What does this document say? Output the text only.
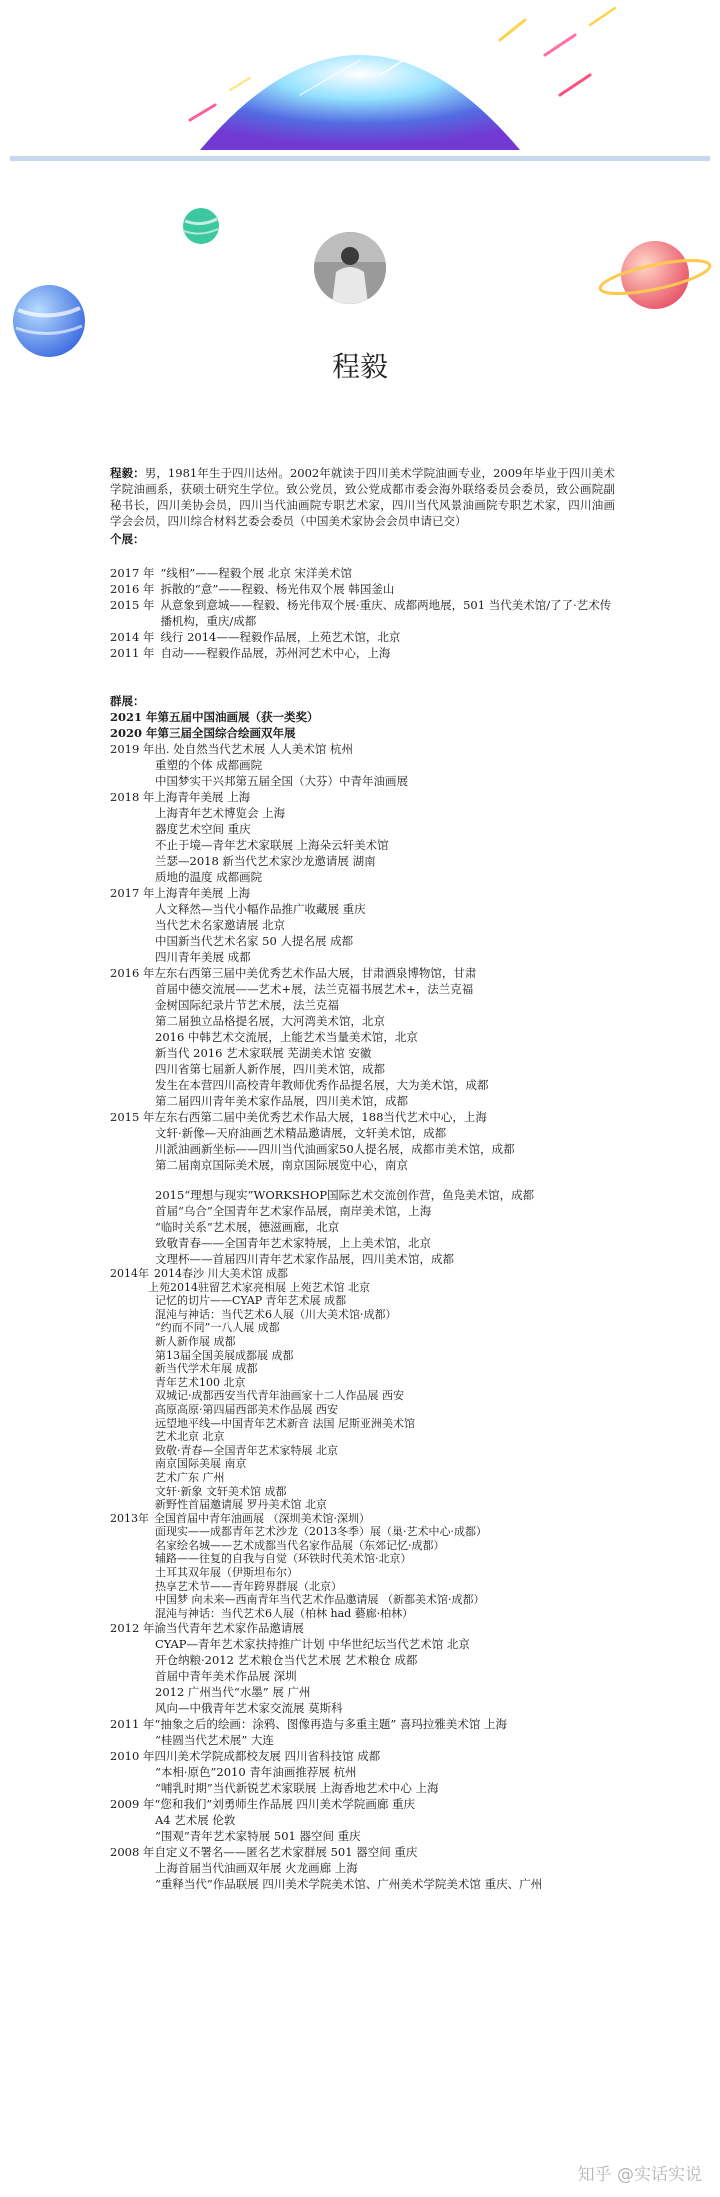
程毅

程毅：男，1981年生于四川达州。2002年就读于四川美术学院油画专业，2009年毕业于四川美术学院油画系，获硕士研究生学位。致公党员，致公党成都市委会海外联络委员会委员，致公画院副秘书长，四川美协会员，四川当代油画院专职艺术家，四川当代风景油画院专职艺术家，四川油画学会会员，四川综合材料艺委会委员（中国美术家协会会员申请已交）

个展：
2017 年 “线相”——程毅个展 北京 宋洋美术馆
2016 年 拆散的“意”——程毅、杨光伟双个展 韩国釜山
2015 年 从意象到意城——程毅、杨光伟双个展·重庆、成都两地展，501 当代美术馆/了了·艺术传播机构，重庆/成都
2014 年 线行 2014——程毅作品展，上苑艺术馆，北京
2011 年 自动——程毅作品展，苏州河艺术中心，上海
群展：
2021 年第五届中国油画展（获一类奖）
2020 年第三届全国综合绘画双年展
2019 年 出. 处自然当代艺术展 人人美术馆 杭州
重塑的个体 成都画院
中国梦实干兴邦第五届全国（大芬）中青年油画展
2018 年 上海青年美展 上海
上海青年艺术博览会 上海
器度艺术空间 重庆
不止于境—青年艺术家联展 上海朵云轩美术馆
兰瑟—2018 新当代艺术家沙龙邀请展 湖南
质地的温度 成都画院
2017 年 上海青年美展 上海
人文释然—当代小幅作品推广收藏展 重庆
当代艺术名家邀请展 北京
中国新当代艺术名家 50 人提名展 成都
四川青年美展 成都
2016 年 左东右西第三届中美优秀艺术作品大展，甘肃酒泉博物馆，甘肃
首届中德交流展——艺术+展，法兰克福书展艺术+，法兰克福
金树国际纪录片节艺术展，法兰克福
第二届独立品格提名展，大河湾美术馆，北京
2016 中韩艺术交流展，上能艺术当量美术馆，北京
新当代 2016 艺术家联展 芜湖美术馆 安徽
四川省第七届新人新作展，四川美术馆，成都
发生在本营四川高校青年教师优秀作品提名展，大为美术馆，成都
第二届四川青年美术家作品展，四川美术馆，成都
2015 年 左东右西第二届中美优秀艺术作品大展，188当代艺术中心，上海
文轩·新像—天府油画艺术精品邀请展，文轩美术馆，成都
川派油画新坐标——四川当代油画家50人提名展，成都市美术馆，成都
第二届南京国际美术展，南京国际展览中心，南京
2015“理想与现实”WORKSHOP国际艺术交流创作营，鱼凫美术馆，成都
首届“乌合”全国青年艺术家作品展，南岸美术馆，上海
“临时关系”艺术展，德滋画廊，北京
致敬青春——全国青年艺术家特展，上上美术馆，北京
文理杯——首届四川青年艺术家作品展，四川美术馆，成都
2014年 2014春沙 川大美术馆 成都
上苑2014驻留艺术家亮相展 上苑艺术馆 北京
记忆的切片——CYAP 青年艺术展 成都
混沌与神话：当代艺术6人展（川大美术馆·成都）
“约而不同”一八人展 成都
新人新作展 成都
第13届全国美展成都展 成都
新当代学术年展 成都
青年艺术100 北京
双城记·成都西安当代青年油画家十二人作品展 西安
高原高原·第四届西部美术作品展 西安
远望地平线—中国青年艺术新音 法国 尼斯亚洲美术馆
艺术北京 北京
致敬·青春—全国青年艺术家特展 北京
南京国际美展 南京
艺术广东 广州
文轩·新象 文轩美术馆 成都
新野性首届邀请展 罗丹美术馆 北京
2013年 全国首届中青年油画展 （深圳美术馆·深圳）
面现实——成都青年艺术沙龙（2013冬季）展（巢·艺术中心·成都）
名家绘名城——艺术成都当代名家作品展（东郊记忆·成都）
辅路——往复的自我与自觉（环铁时代美术馆·北京）
土耳其双年展（伊斯坦布尔）
热享艺术节——青年跨界群展（北京）
中国梦 向未来—西南青年当代艺术作品邀请展 （新都美术馆·成都）
混沌与神话：当代艺术6人展（柏林 had 藝廊·柏林）
2012 年 渝当代青年艺术家作品邀请展
CYAP—青年艺术家扶持推广计划 中华世纪坛当代艺术馆 北京
开仓纳粮·2012 艺术粮仓当代艺术展 艺术粮仓 成都
首届中青年美术作品展 深圳
2012 广州当代“水墨” 展 广州
风向—中俄青年艺术家交流展 莫斯科
2011 年 “抽象之后的绘画：涂鸦、图像再造与多重主题” 喜玛拉雅美术馆 上海
“桂圆当代艺术展” 大连
2010 年 四川美术学院成都校友展 四川省科技馆 成都
“本相·原色”2010 青年油画推荐展 杭州
“哺乳时期”当代新锐艺术家联展 上海香地艺术中心 上海
2009 年 “您和我们”刘勇师生作品展 四川美术学院画廊 重庆
A4 艺术展 伦敦
“围观”青年艺术家特展 501 器空间 重庆
2008 年 自定义不署名——匿名艺术家群展 501 器空间 重庆
上海首届当代油画双年展 火龙画廊 上海
“重释当代”作品联展 四川美术学院美术馆、广州美术学院美术馆 重庆、广州
知乎 @实话实说
